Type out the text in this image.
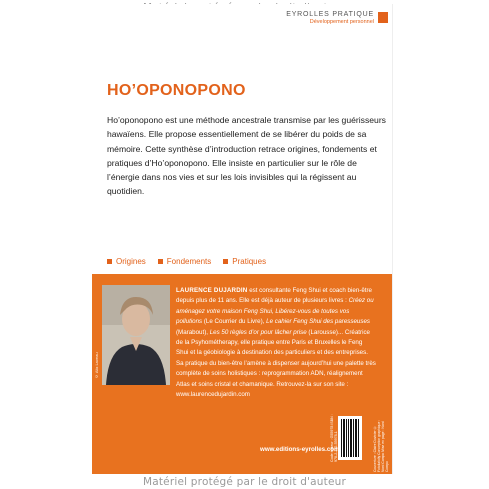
EYROLLES PRATIQUE
Développement personnel
HO’OPONOPONO

Ho’oponopono est une méthode ancestrale transmise par les guérisseurs hawaïens. Elle propose essentiellement de se libérer du poids de sa mémoire. Cette synthèse d’introduction retrace origines, fondements et pratiques d’Ho’oponopono. Elle insiste en particulier sur le rôle de l’énergie dans nos vies et sur les lois invisibles qui la régissent au quotidien.

Origines	Fondements	Pratiques
© Alix Laveau
LAURENCE DUJARDIN est consultante Feng Shui et coach bien-être depuis plus de 11 ans. Elle est déjà auteur de plusieurs livres : Créez ou aménagez votre maison Feng Shui, Libérez-vous de toutes vos pollutions (Le Courrier du Livre), Le cahier Feng Shui des paresseuses (Marabout), Les 50 règles d’or pour lâcher prise (Larousse)... Créatrice de la Psyhométherapy, elle pratique entre Paris et Bruxelles le Feng Shui et la géobiologie à destination des particuliers et des entreprises. Sa pratique du bien-être l’amène à dispenser aujourd’hui une palette très complète de soins holistiques : reprogrammation ADN, réalignement Atlas et soins cristal et chamanique. Retrouvez-la sur son site : www.laurencedujardin.com
Code éditeur : G55978 ISBN : 978-2-212-55978-1	Couverture : Claire Duvivier © Fotolia/olly Conception graphique : Nord Compo Mise en page : Nord Compo
www.editions-eyrolles.com
Matériel protégé par le droit d'auteur
